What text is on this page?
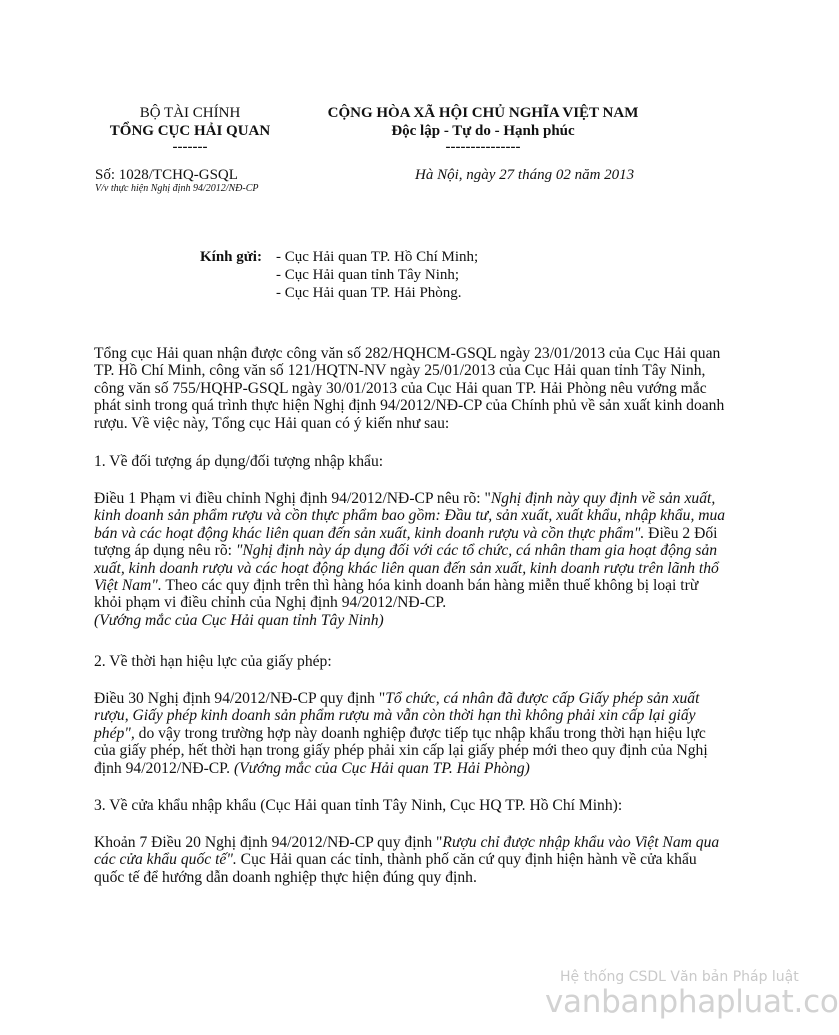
BỘ TÀI CHÍNH
TỔNG CỤC HẢI QUAN
-------
CỘNG HÒA XÃ HỘI CHỦ NGHĨA VIỆT NAM
Độc lập - Tự do - Hạnh phúc
---------------
Số: 1028/TCHQ-GSQL
V/v thực hiện Nghị định 94/2012/NĐ-CP
Hà Nội, ngày 27 tháng 02 năm 2013
Kính gửi: - Cục Hải quan TP. Hồ Chí Minh;
- Cục Hải quan tỉnh Tây Ninh;
- Cục Hải quan TP. Hải Phòng.
Tổng cục Hải quan nhận được công văn số 282/HQHCM-GSQL ngày 23/01/2013 của Cục Hải quan TP. Hồ Chí Minh, công văn số 121/HQTN-NV ngày 25/01/2013 của Cục Hải quan tỉnh Tây Ninh, công văn số 755/HQHP-GSQL ngày 30/01/2013 của Cục Hải quan TP. Hải Phòng nêu vướng mắc phát sinh trong quá trình thực hiện Nghị định 94/2012/NĐ-CP của Chính phủ về sản xuất kinh doanh rượu. Về việc này, Tổng cục Hải quan có ý kiến như sau:
1. Về đối tượng áp dụng/đối tượng nhập khẩu:
Điều 1 Phạm vi điều chỉnh Nghị định 94/2012/NĐ-CP nêu rõ: "Nghị định này quy định về sản xuất, kinh doanh sản phẩm rượu và cồn thực phẩm bao gồm: Đầu tư, sản xuất, xuất khẩu, nhập khẩu, mua bán và các hoạt động khác liên quan đến sản xuất, kinh doanh rượu và cồn thực phẩm". Điều 2 Đối tượng áp dụng nêu rõ: "Nghị định này áp dụng đối với các tổ chức, cá nhân tham gia hoạt động sản xuất, kinh doanh rượu và các hoạt động khác liên quan đến sản xuất, kinh doanh rượu trên lãnh thổ Việt Nam". Theo các quy định trên thì hàng hóa kinh doanh bán hàng miễn thuế không bị loại trừ khỏi phạm vi điều chỉnh của Nghị định 94/2012/NĐ-CP.
(Vướng mắc của Cục Hải quan tỉnh Tây Ninh)
2. Về thời hạn hiệu lực của giấy phép:
Điều 30 Nghị định 94/2012/NĐ-CP quy định "Tổ chức, cá nhân đã được cấp Giấy phép sản xuất rượu, Giấy phép kinh doanh sản phẩm rượu mà vẫn còn thời hạn thì không phải xin cấp lại giấy phép", do vậy trong trường hợp này doanh nghiệp được tiếp tục nhập khẩu trong thời hạn hiệu lực của giấy phép, hết thời hạn trong giấy phép phải xin cấp lại giấy phép mới theo quy định của Nghị định 94/2012/NĐ-CP. (Vướng mắc của Cục Hải quan TP. Hải Phòng)
3. Về cửa khẩu nhập khẩu (Cục Hải quan tỉnh Tây Ninh, Cục HQ TP. Hồ Chí Minh):
Khoản 7 Điều 20 Nghị định 94/2012/NĐ-CP quy định "Rượu chỉ được nhập khẩu vào Việt Nam qua các cửa khẩu quốc tế". Cục Hải quan các tỉnh, thành phố căn cứ quy định hiện hành về cửa khẩu quốc tế để hướng dẫn doanh nghiệp thực hiện đúng quy định.
Hệ thống CSDL Văn bản Pháp luật
vanbanphapluat.co
